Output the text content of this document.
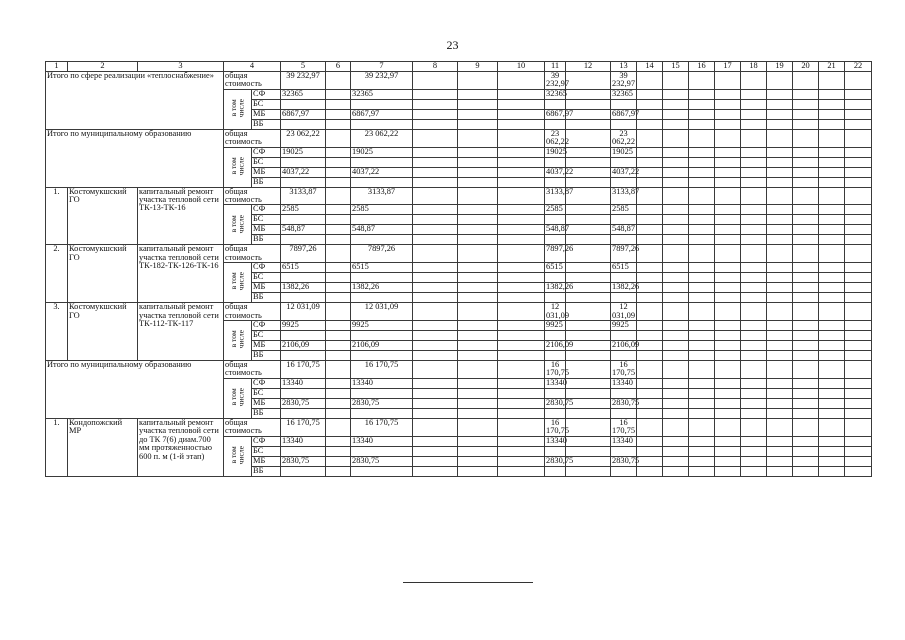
23
1	2	3	4		5	6	7	8	9	10	11	12	13	14	15	16	17	18	19	20	21	22
Итого по сфере реализации «теплоснабжение»			общая стоимость		39 232,97		39 232,97				39 232,97		39 232,97									
			в том
числе	СФ	32365		32365				32365		32365									
				БС																		
				МБ	6867,97		6867,97				6867,97		6867,97									
				ВБ																		
Итого по муниципальному образованию			общая стоимость		23 062,22		23 062,22				23 062,22		23 062,22									
			в том
числе	СФ	19025		19025				19025		19025									
				БС																		
				МБ	4037,22		4037,22				4037,22		4037,22									
				ВБ																		
1.	Костомукшский ГО	капитальный ремонт участка тепловой сети ТК-13-ТК-16	общая стоимость		3133,87		3133,87				3133,87		3133,87									
			в том
числе	СФ	2585		2585				2585		2585									
				БС																		
				МБ	548,87		548,87				548,87		548,87									
				ВБ																		
2.	Костомукшский ГО	капитальный ремонт участка тепловой сети ТК-182-ТК-126-ТК-16	общая стоимость		7897,26		7897,26				7897,26		7897,26									
			в том
числе	СФ	6515		6515				6515		6515									
				БС																		
				МБ	1382,26		1382,26				1382,26		1382,26									
				ВБ																		
3.	Костомукшский ГО	капитальный ремонт участка тепловой сети ТК-112-ТК-117	общая стоимость		12 031,09		12 031,09				12 031,09		12 031,09									
			в том
числе	СФ	9925		9925				9925		9925									
				БС																		
				МБ	2106,09		2106,09				2106,09		2106,09									
				ВБ																		
Итого по муниципальному образованию			общая стоимость		16 170,75		16 170,75				16 170,75		16 170,75									
			в том
числе	СФ	13340		13340				13340		13340									
				БС																		
				МБ	2830,75		2830,75				2830,75		2830,75									
				ВБ																		
1.	Кондопожский МР	капитальный ремонт участка тепловой сети до ТК 7(6) диам.700 мм протяженностью 600 п. м (1-й этап)	общая стоимость		16 170,75		16 170,75				16 170,75		16 170,75									
			в том
числе	СФ	13340		13340				13340		13340									
				БС																		
				МБ	2830,75		2830,75				2830,75		2830,75									
				ВБ																		
